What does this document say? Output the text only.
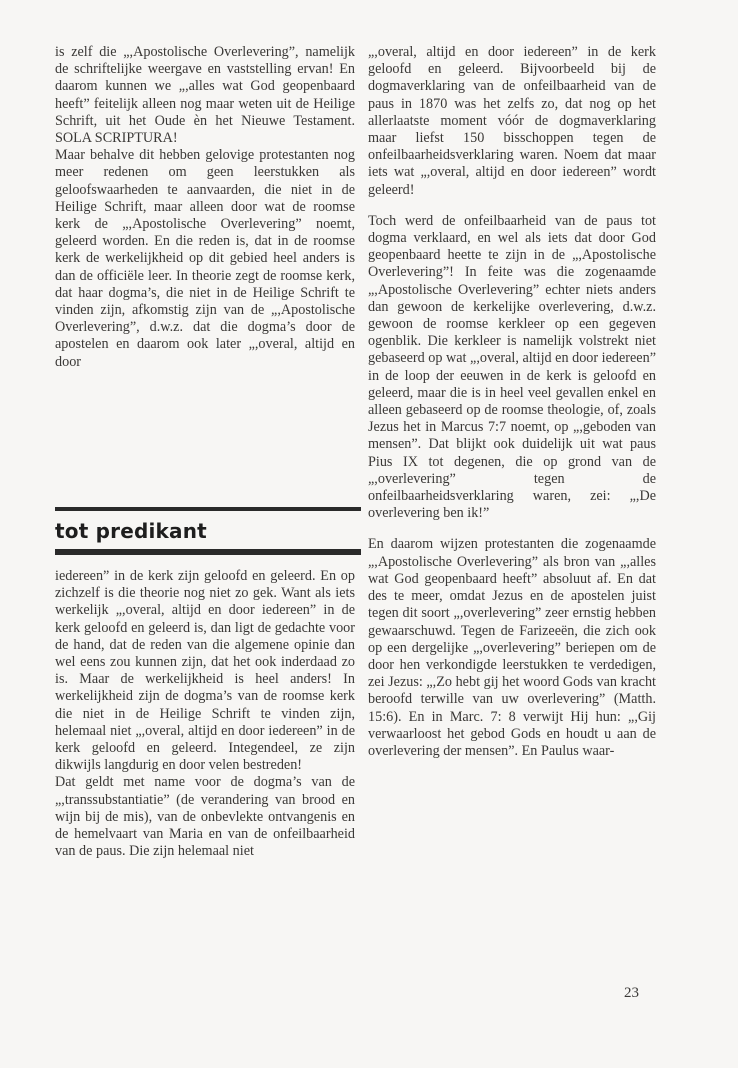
is zelf die „,Apostolische Overlevering”, namelijk de schriftelijke weergave en vaststelling ervan! En daarom kunnen we „,alles wat God geopenbaard heeft” feitelijk alleen nog maar weten uit de Heilige Schrift, uit het Oude èn het Nieuwe Testament. SOLA SCRIPTURA!

Maar behalve dit hebben gelovige protestanten nog meer redenen om geen leerstukken als geloofswaarheden te aanvaarden, die niet in de Heilige Schrift, maar alleen door wat de roomse kerk de „,Apostolische Overlevering” noemt, geleerd worden. En die reden is, dat in de roomse kerk de werkelijkheid op dit gebied heel anders is dan de officiële leer. In theorie zegt de roomse kerk, dat haar dogma’s, die niet in de Heilige Schrift te vinden zijn, afkomstig zijn van de „,Apostolische Overlevering”, d.w.z. dat die dogma’s door de apostelen en daarom ook later „,overal, altijd en door

tot predikant

iedereen” in de kerk zijn geloofd en geleerd. En op zichzelf is die theorie nog niet zo gek. Want als iets werkelijk „,overal, altijd en door iedereen” in de kerk geloofd en geleerd is, dan ligt de gedachte voor de hand, dat de reden van die algemene opinie dan wel eens zou kunnen zijn, dat het ook inderdaad zo is. Maar de werkelijkheid is heel anders! In werkelijkheid zijn de dogma’s van de roomse kerk die niet in de Heilige Schrift te vinden zijn, helemaal niet „,overal, altijd en door iedereen” in de kerk geloofd en geleerd. Integendeel, ze zijn dikwijls langdurig en door velen bestreden!

Dat geldt met name voor de dogma’s van de „,transsubstantiatie” (de verandering van brood en wijn bij de mis), van de onbevlekte ontvangenis en de hemelvaart van Maria en van de onfeilbaarheid van de paus. Die zijn helemaal niet

„,overal, altijd en door iedereen” in de kerk geloofd en geleerd. Bijvoorbeeld bij de dogmaverklaring van de onfeilbaarheid van de paus in 1870 was het zelfs zo, dat nog op het allerlaatste moment vóór de dogmaverklaring maar liefst 150 bisschoppen tegen de onfeilbaarheidsverklaring waren. Noem dat maar iets wat „,overal, altijd en door iedereen” wordt geleerd!

Toch werd de onfeilbaarheid van de paus tot dogma verklaard, en wel als iets dat door God geopenbaard heette te zijn in de „,Apostolische Overlevering”! In feite was die zogenaamde „,Apostolische Overlevering” echter niets anders dan gewoon de kerkelijke overlevering, d.w.z. gewoon de roomse kerkleer op een gegeven ogenblik. Die kerkleer is namelijk volstrekt niet gebaseerd op wat „,overal, altijd en door iedereen” in de loop der eeuwen in de kerk is geloofd en geleerd, maar die is in heel veel gevallen enkel en alleen gebaseerd op de roomse theologie, of, zoals Jezus het in Marcus 7:7 noemt, op „,geboden van mensen”. Dat blijkt ook duidelijk uit wat paus Pius IX tot degenen, die op grond van de „,overlevering” tegen de onfeilbaarheidsverklaring waren, zei: „,De overlevering ben ik!”

En daarom wijzen protestanten die zogenaamde „,Apostolische Overlevering” als bron van „,alles wat God geopenbaard heeft” absoluut af. En dat des te meer, omdat Jezus en de apostelen juist tegen dit soort „,overlevering” zeer ernstig hebben gewaarschuwd. Tegen de Farizeeën, die zich ook op een dergelijke „,overlevering” beriepen om de door hen verkondigde leerstukken te verdedigen, zei Jezus: „,Zo hebt gij het woord Gods van kracht beroofd terwille van uw overlevering” (Matth. 15:6). En in Marc. 7: 8 verwijt Hij hun: „,Gij verwaarloost het gebod Gods en houdt u aan de overlevering der mensen”. En Paulus waar-

23
